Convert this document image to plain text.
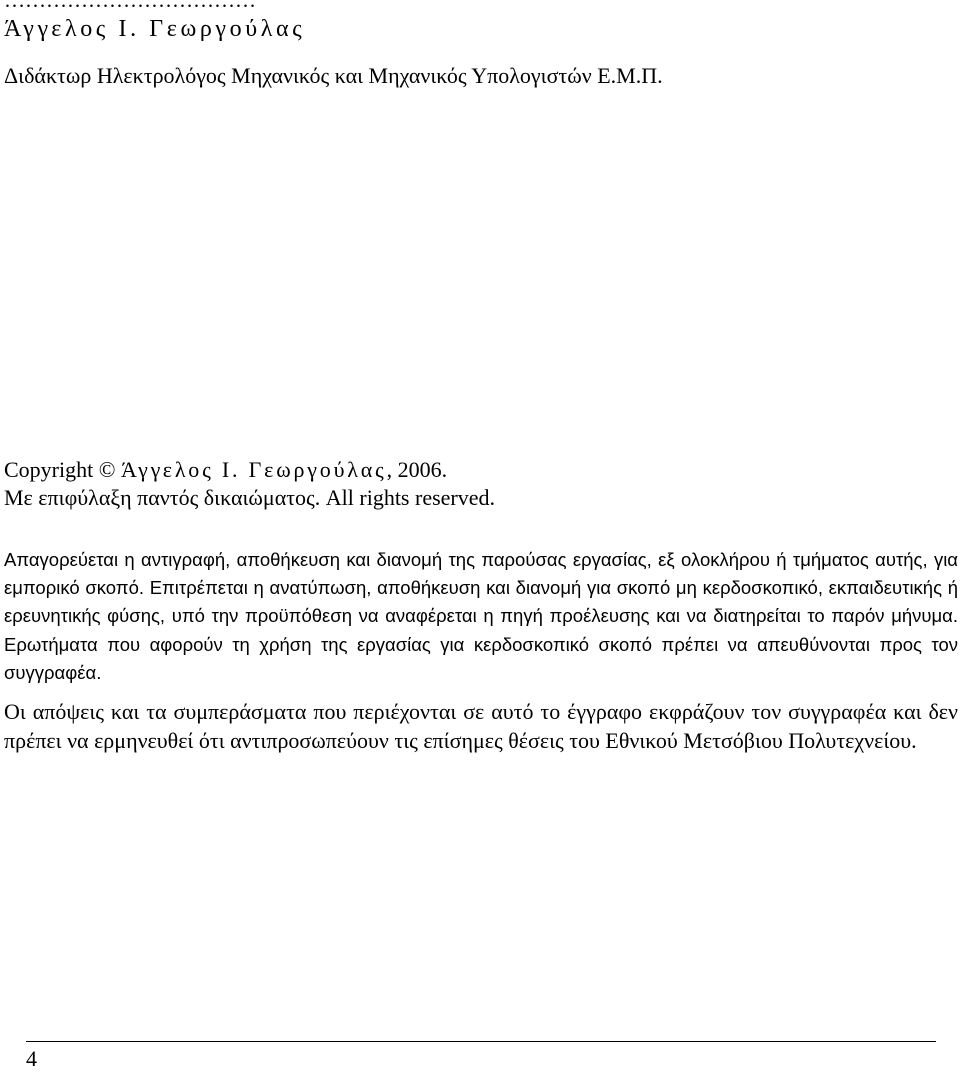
………………………………
Άγγελος Ι. Γεωργούλας
Διδάκτωρ Ηλεκτρολόγος Μηχανικός και Μηχανικός Υπολογιστών Ε.Μ.Π.
Copyright © Άγγελος Ι. Γεωργούλας, 2006.
Με επιφύλαξη παντός δικαιώματος. All rights reserved.

Απαγορεύεται η αντιγραφή, αποθήκευση και διανομή της παρούσας εργασίας, εξ ολοκλήρου ή τμήματος αυτής, για εμπορικό σκοπό. Επιτρέπεται η ανατύπωση, αποθήκευση και διανομή για σκοπό μη κερδοσκοπικό, εκπαιδευτικής ή ερευνητικής φύσης, υπό την προϋπόθεση να αναφέρεται η πηγή προέλευσης και να διατηρείται το παρόν μήνυμα. Ερωτήματα που αφορούν τη χρήση της εργασίας για κερδοσκοπικό σκοπό πρέπει να απευθύνονται προς τον συγγραφέα.

Οι απόψεις και τα συμπεράσματα που περιέχονται σε αυτό το έγγραφο εκφράζουν τον συγγραφέα και δεν πρέπει να ερμηνευθεί ότι αντιπροσωπεύουν τις επίσημες θέσεις του Εθνικού Μετσόβιου Πολυτεχνείου.

4
